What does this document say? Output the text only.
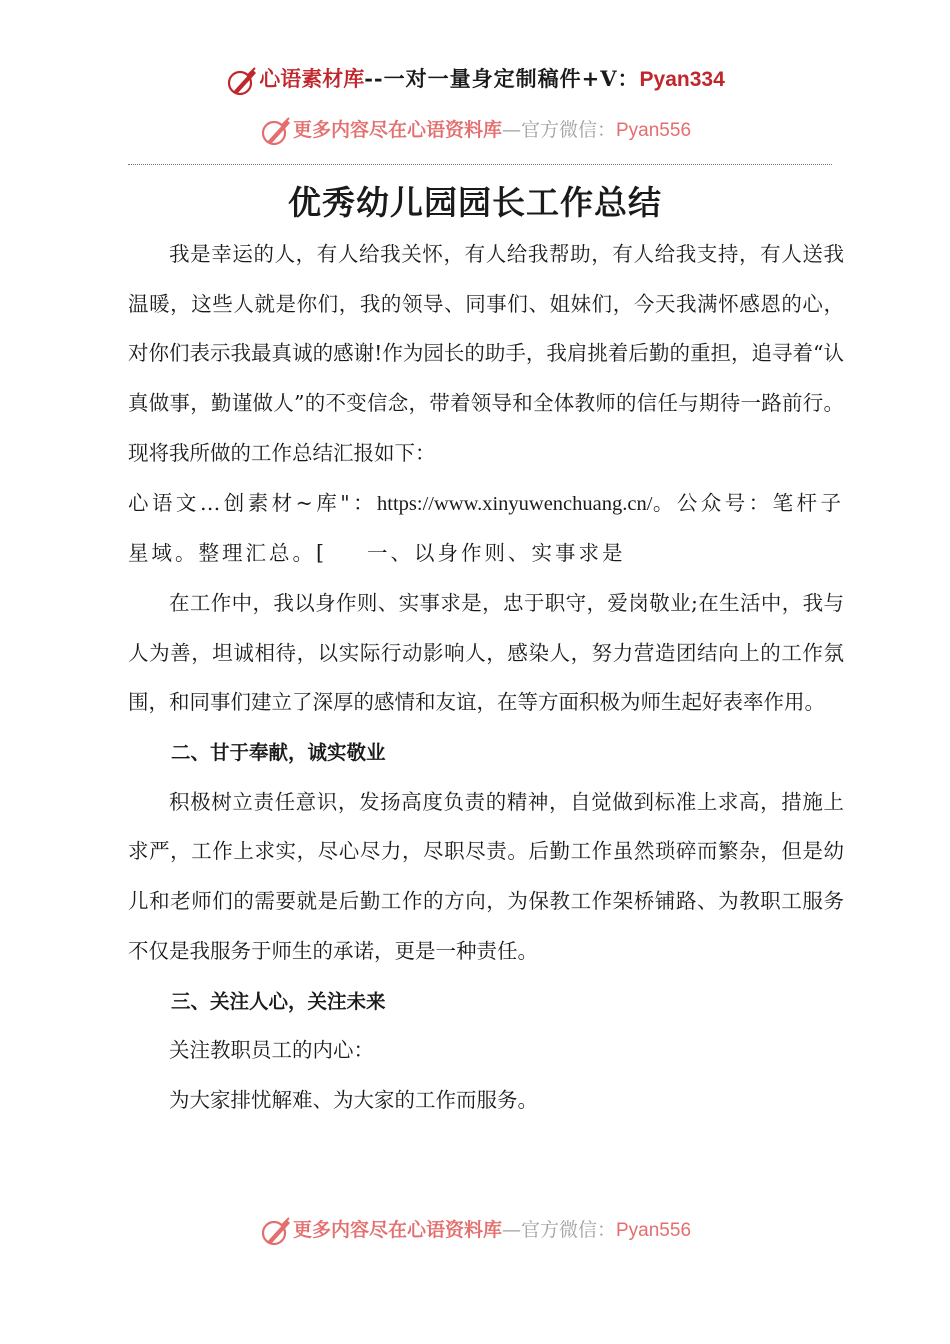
心语素材库--一对一量身定制稿件+V：Pyan334
更多内容尽在心语资料库—官方微信：Pyan556
优秀幼儿园园长工作总结

我是幸运的人，有人给我关怀，有人给我帮助，有人给我支持，有人送我温暖，这些人就是你们，我的领导、同事们、姐妹们，今天我满怀感恩的心，对你们表示我最真诚的感谢!作为园长的助手，我肩挑着后勤的重担，追寻着“认真做事，勤谨做人”的不变信念，带着领导和全体教师的信任与期待一路前行。现将我所做的工作总结汇报如下：

心语文…创素材~库"：https://www.xinyuwenchuang.cn/。公众号：笔杆子星域。整理汇总。[ 一、以身作则、实事求是

在工作中，我以身作则、实事求是，忠于职守，爱岗敬业;在生活中，我与人为善，坦诚相待，以实际行动影响人，感染人，努力营造团结向上的工作氛围，和同事们建立了深厚的感情和友谊，在等方面积极为师生起好表率作用。

二、甘于奉献，诚实敬业

积极树立责任意识，发扬高度负责的精神，自觉做到标准上求高，措施上求严，工作上求实，尽心尽力，尽职尽责。后勤工作虽然琐碎而繁杂，但是幼儿和老师们的需要就是后勤工作的方向，为保教工作架桥铺路、为教职工服务不仅是我服务于师生的承诺，更是一种责任。

三、关注人心，关注未来

关注教职员工的内心：

为大家排忧解难、为大家的工作而服务。

更多内容尽在心语资料库—官方微信：Pyan556
